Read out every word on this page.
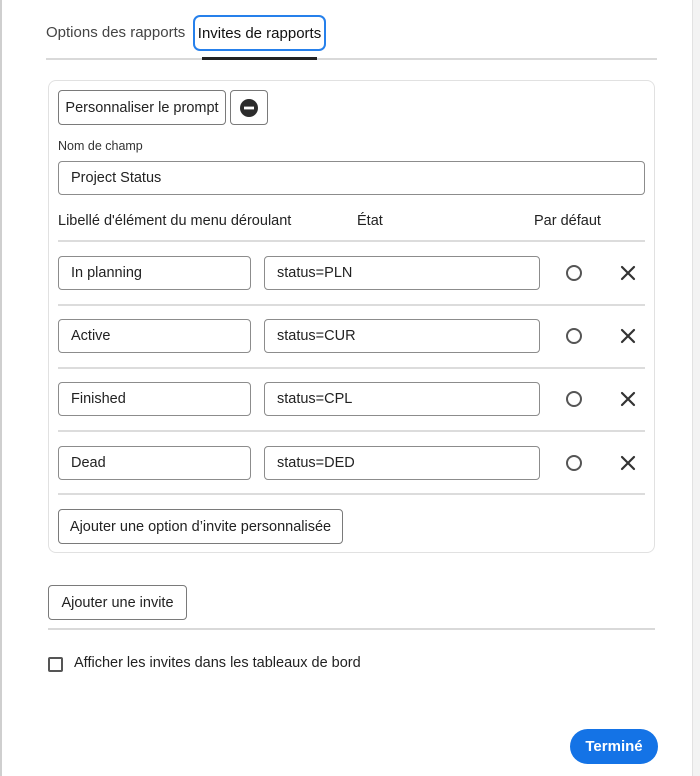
Options des rapports Invites de rapports
Personnaliser le prompt
Nom de champ
Project Status
Libellé d'élément du menu déroulant	État	Par défaut
In planning	status=PLN
Active	status=CUR
Finished	status=CPL
Dead	status=DED
Ajouter une option d’invite personnalisée
Ajouter une invite
Afficher les invites dans les tableaux de bord
Terminé
